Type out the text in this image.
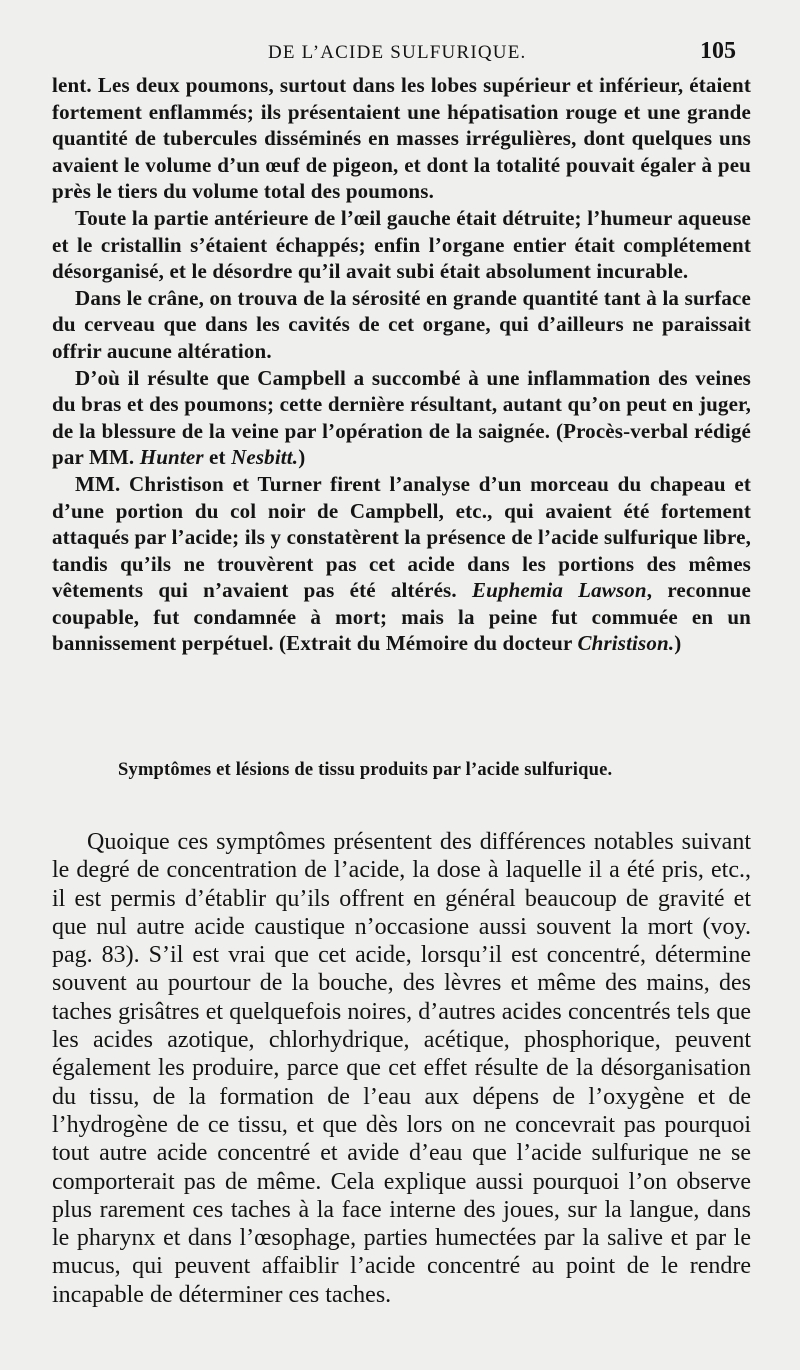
DE L’ACIDE SULFURIQUE.	105

lent. Les deux poumons, surtout dans les lobes supérieur et inférieur, étaient fortement enflammés; ils présentaient une hépatisation rouge et une grande quantité de tubercules disséminés en masses irrégulières, dont quelques uns avaient le volume d’un œuf de pigeon, et dont la totalité pouvait égaler à peu près le tiers du volume total des poumons.

Toute la partie antérieure de l’œil gauche était détruite; l’humeur aqueuse et le cristallin s’étaient échappés; enfin l’organe entier était complétement désorganisé, et le désordre qu’il avait subi était absolument incurable.

Dans le crâne, on trouva de la sérosité en grande quantité tant à la surface du cerveau que dans les cavités de cet organe, qui d’ailleurs ne paraissait offrir aucune altération.

D’où il résulte que Campbell a succombé à une inflammation des veines du bras et des poumons; cette dernière résultant, autant qu’on peut en juger, de la blessure de la veine par l’opération de la saignée. (Procès-verbal rédigé par MM. Hunter et Nesbitt.)

MM. Christison et Turner firent l’analyse d’un morceau du chapeau et d’une portion du col noir de Campbell, etc., qui avaient été fortement attaqués par l’acide; ils y constatèrent la présence de l’acide sulfurique libre, tandis qu’ils ne trouvèrent pas cet acide dans les portions des mêmes vêtements qui n’avaient pas été altérés. Euphemia Lawson, reconnue coupable, fut condamnée à mort; mais la peine fut commuée en un bannissement perpétuel. (Extrait du Mémoire du docteur Christison.)

Symptômes et lésions de tissu produits par l’acide sulfurique.

Quoique ces symptômes présentent des différences notables suivant le degré de concentration de l’acide, la dose à laquelle il a été pris, etc., il est permis d’établir qu’ils offrent en général beaucoup de gravité et que nul autre acide caustique n’occasione aussi souvent la mort (voy. pag. 83). S’il est vrai que cet acide, lorsqu’il est concentré, détermine souvent au pourtour de la bouche, des lèvres et même des mains, des taches grisâtres et quelquefois noires, d’autres acides concentrés tels que les acides azotique, chlorhydrique, acétique, phosphorique, peuvent également les produire, parce que cet effet résulte de la désorganisation du tissu, de la formation de l’eau aux dépens de l’oxygène et de l’hydrogène de ce tissu, et que dès lors on ne concevrait pas pourquoi tout autre acide concentré et avide d’eau que l’acide sulfurique ne se comporterait pas de même. Cela explique aussi pourquoi l’on observe plus rarement ces taches à la face interne des joues, sur la langue, dans le pharynx et dans l’œsophage, parties humectées par la salive et par le mucus, qui peuvent affaiblir l’acide concentré au point de le rendre incapable de déterminer ces taches.
